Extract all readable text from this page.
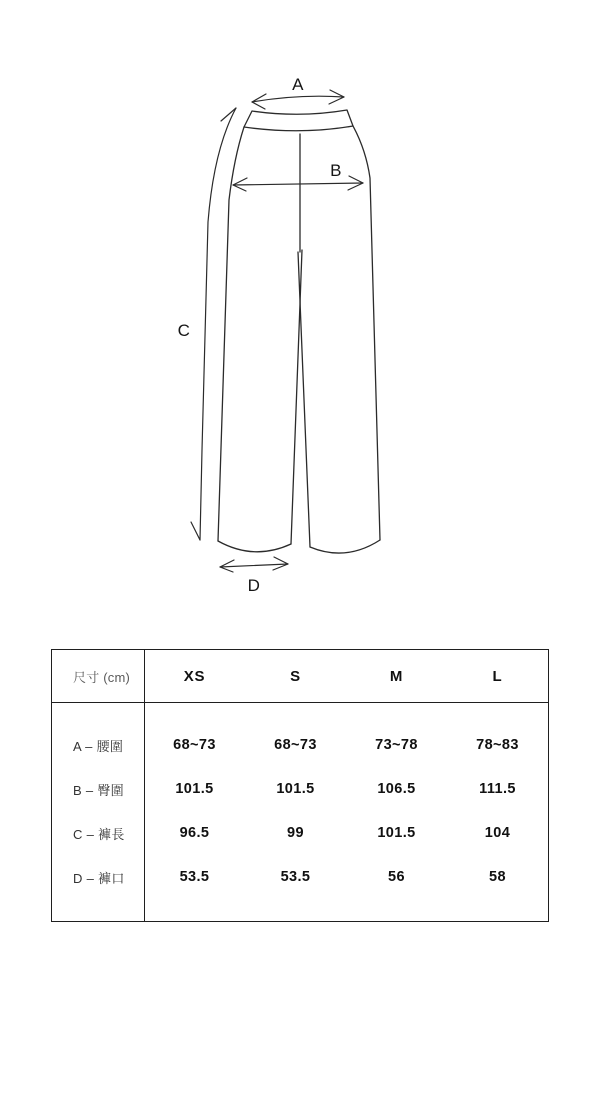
A
B
C
D
尺寸 (cm)	XS	S	M	L
A – 腰圍	68~73	68~73	73~78	78~83
B – 臀圍	101.5	101.5	106.5	111.5
C – 褲長	96.5	99	101.5	104
D – 褲口	53.5	53.5	56	58
